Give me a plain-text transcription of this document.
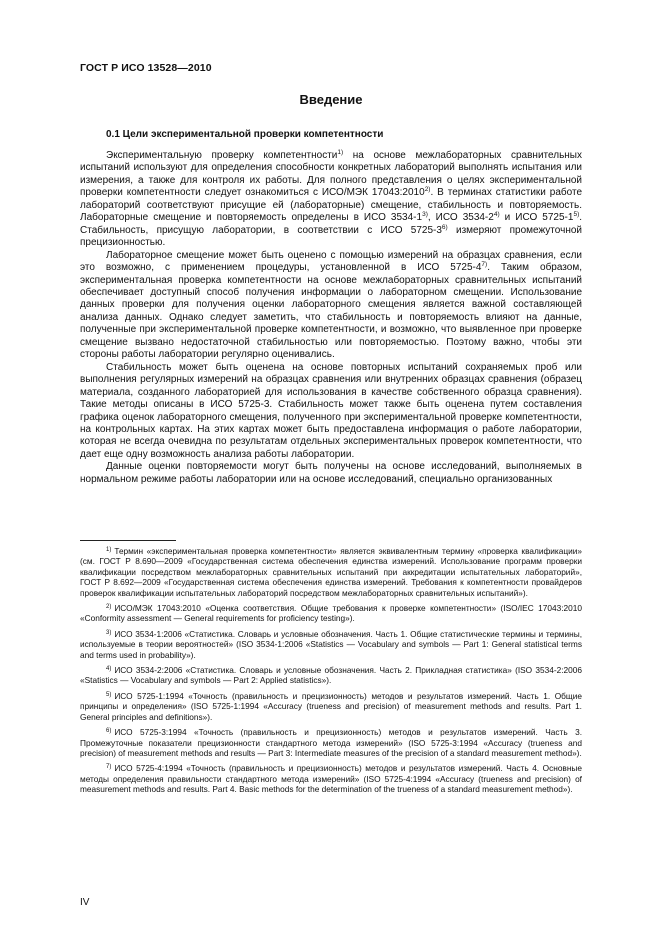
ГОСТ Р ИСО 13528—2010
Введение
0.1 Цели экспериментальной проверки компетентности

Экспериментальную проверку компетентности$^{1)}$ на основе межлабораторных сравнительных испытаний используют для определения способности конкретных лабораторий выполнять испытания или измерения, а также для контроля их работы. Для полного представления о целях экспериментальной проверки компетентности следует ознакомиться с ИСО/МЭК 17043:2010$^{2)}$. В терминах статистики работе лабораторий соответствуют присущие ей (лабораторные) смещение, стабильность и повторяемость. Лабораторные смещение и повторяемость определены в ИСО 3534-1$^{3)}$, ИСО 3534-2$^{4)}$ и ИСО 5725-1$^{5)}$. Стабильность, присущую лаборатории, в соответствии с ИСО 5725-3$^{6)}$ измеряют промежуточной прецизионностью.

Лабораторное смещение может быть оценено с помощью измерений на образцах сравнения, если это возможно, с применением процедуры, установленной в ИСО 5725-4$^{7)}$. Таким образом, экспериментальная проверка компетентности на основе межлабораторных сравнительных испытаний обеспечивает доступный способ получения информации о лабораторном смещении. Использование данных проверки для получения оценки лабораторного смещения является важной составляющей анализа данных. Однако следует заметить, что стабильность и повторяемость влияют на данные, полученные при экспериментальной проверке компетентности, и возможно, что выявленное при проверке смещение вызвано недостаточной стабильностью или повторяемостью. Поэтому важно, чтобы эти стороны работы лаборатории регулярно оценивались.

Стабильность может быть оценена на основе повторных испытаний сохраняемых проб или выполнения регулярных измерений на образцах сравнения или внутренних образцах сравнения (образец материала, созданного лабораторией для использования в качестве собственного образца сравнения). Такие методы описаны в ИСО 5725-3. Стабильность может также быть оценена путем составления графика оценок лабораторного смещения, полученного при экспериментальной проверке компетентности, на контрольных картах. На этих картах может быть предоставлена информация о работе лаборатории, которая не всегда очевидна по результатам отдельных экспериментальных проверок компетентности, что дает еще одну возможность анализа работы лаборатории.

Данные оценки повторяемости могут быть получены на основе исследований, выполняемых в нормальном режиме работы лаборатории или на основе исследований, специально организованных

$^{1)}$ Термин «экспериментальная проверка компетентности» является эквивалентным термину «проверка квалификации» (см. ГОСТ Р 8.690—2009 «Государственная система обеспечения единства измерений. Использование программ проверки квалификации посредством межлабораторных сравнительных испытаний при аккредитации испытательных лабораторий», ГОСТ Р 8.692—2009 «Государственная система обеспечения единства измерений. Требования к компетентности провайдеров проверок квалификации испытательных лабораторий посредством межлабораторных сравнительных испытаний»).

$^{2)}$ ИСО/МЭК 17043:2010 «Оценка соответствия. Общие требования к проверке компетентности» (ISO/IEC 17043:2010 «Conformity assessment — General requirements for proficiency testing»).

$^{3)}$ ИСО 3534-1:2006 «Статистика. Словарь и условные обозначения. Часть 1. Общие статистические термины и термины, используемые в теории вероятностей» (ISO 3534-1:2006 «Statistics — Vocabulary and symbols — Part 1: General statistical terms and terms used in probability»).

$^{4)}$ ИСО 3534-2:2006 «Статистика. Словарь и условные обозначения. Часть 2. Прикладная статистика» (ISO 3534-2:2006 «Statistics — Vocabulary and symbols — Part 2: Applied statistics»).

$^{5)}$ ИСО 5725-1:1994 «Точность (правильность и прецизионность) методов и результатов измерений. Часть 1. Общие принципы и определения» (ISO 5725-1:1994 «Accuracy (trueness and precision) of measurement methods and results. Part 1. General principles and definitions»).

$^{6)}$ ИСО 5725-3:1994 «Точность (правильность и прецизионность) методов и результатов измерений. Часть 3. Промежуточные показатели прецизионности стандартного метода измерений» (ISO 5725-3:1994 «Accuracy (trueness and precision) of measurement methods and results — Part 3: Intermediate measures of the precision of a standard measurement method»).

$^{7)}$ ИСО 5725-4:1994 «Точность (правильность и прецизионность) методов и результатов измерений. Часть 4. Основные методы определения правильности стандартного метода измерений» (ISO 5725-4:1994 «Accuracy (trueness and precision) of measurement methods and results. Part 4. Basic methods for the determination of the trueness of a standard measurement method»).

IV
